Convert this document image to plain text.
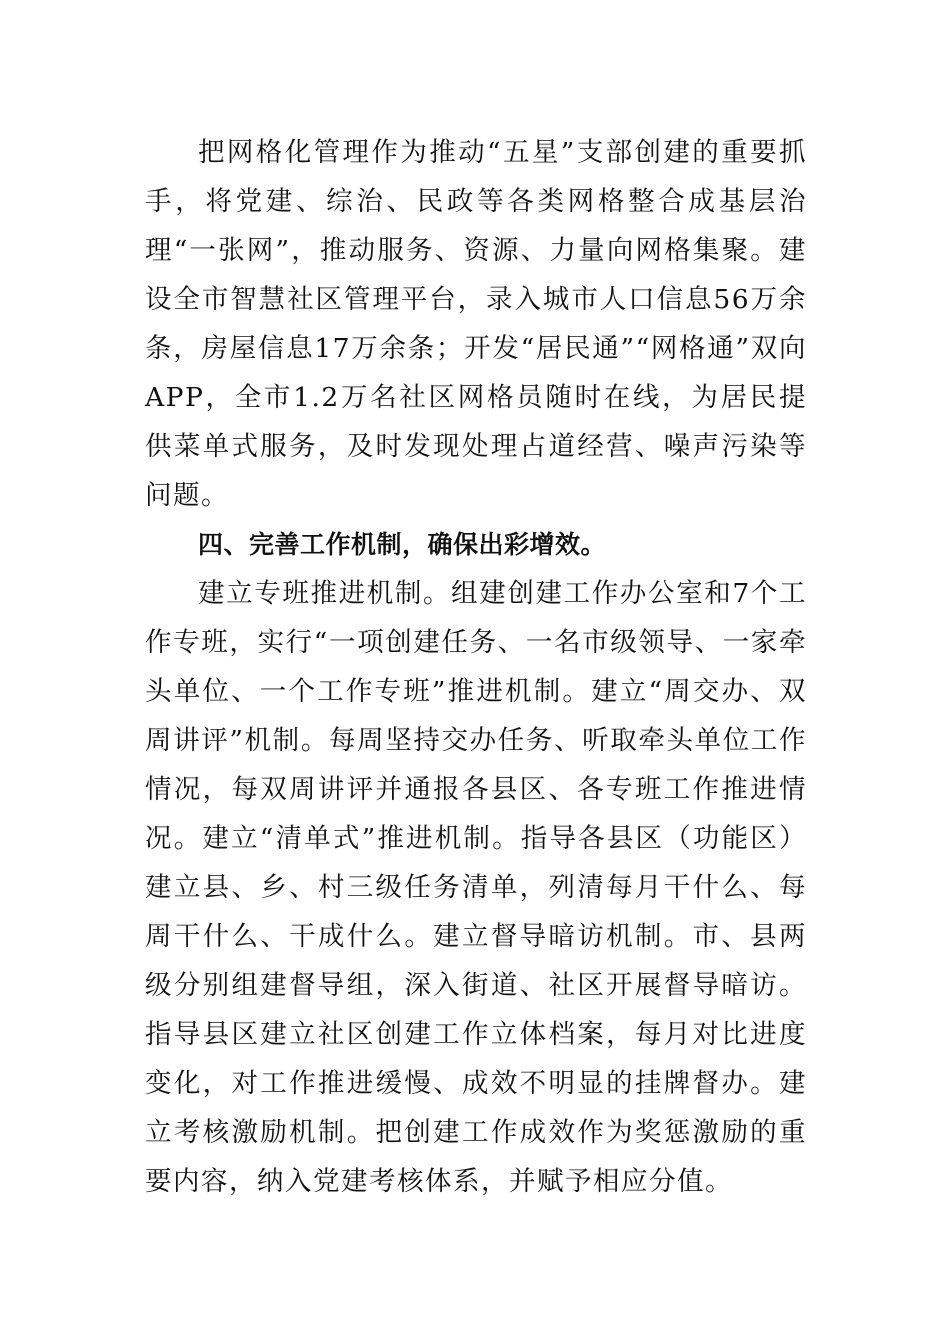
把网格化管理作为推动“五星”支部创建的重要抓手，将党建、综治、民政等各类网格整合成基层治理“一张网”，推动服务、资源、力量向网格集聚。建设全市智慧社区管理平台，录入城市人口信息56万余条，房屋信息17万余条；开发“居民通”“网格通”双向APP，全市1.2万名社区网格员随时在线，为居民提供菜单式服务，及时发现处理占道经营、噪声污染等问题。

四、完善工作机制，确保出彩增效。

建立专班推进机制。组建创建工作办公室和7个工作专班，实行“一项创建任务、一名市级领导、一家牵头单位、一个工作专班”推进机制。建立“周交办、双周讲评”机制。每周坚持交办任务、听取牵头单位工作情况，每双周讲评并通报各县区、各专班工作推进情况。建立“清单式”推进机制。指导各县区（功能区）建立县、乡、村三级任务清单，列清每月干什么、每周干什么、干成什么。建立督导暗访机制。市、县两级分别组建督导组，深入街道、社区开展督导暗访。指导县区建立社区创建工作立体档案，每月对比进度变化，对工作推进缓慢、成效不明显的挂牌督办。建立考核激励机制。把创建工作成效作为奖惩激励的重要内容，纳入党建考核体系，并赋予相应分值。
